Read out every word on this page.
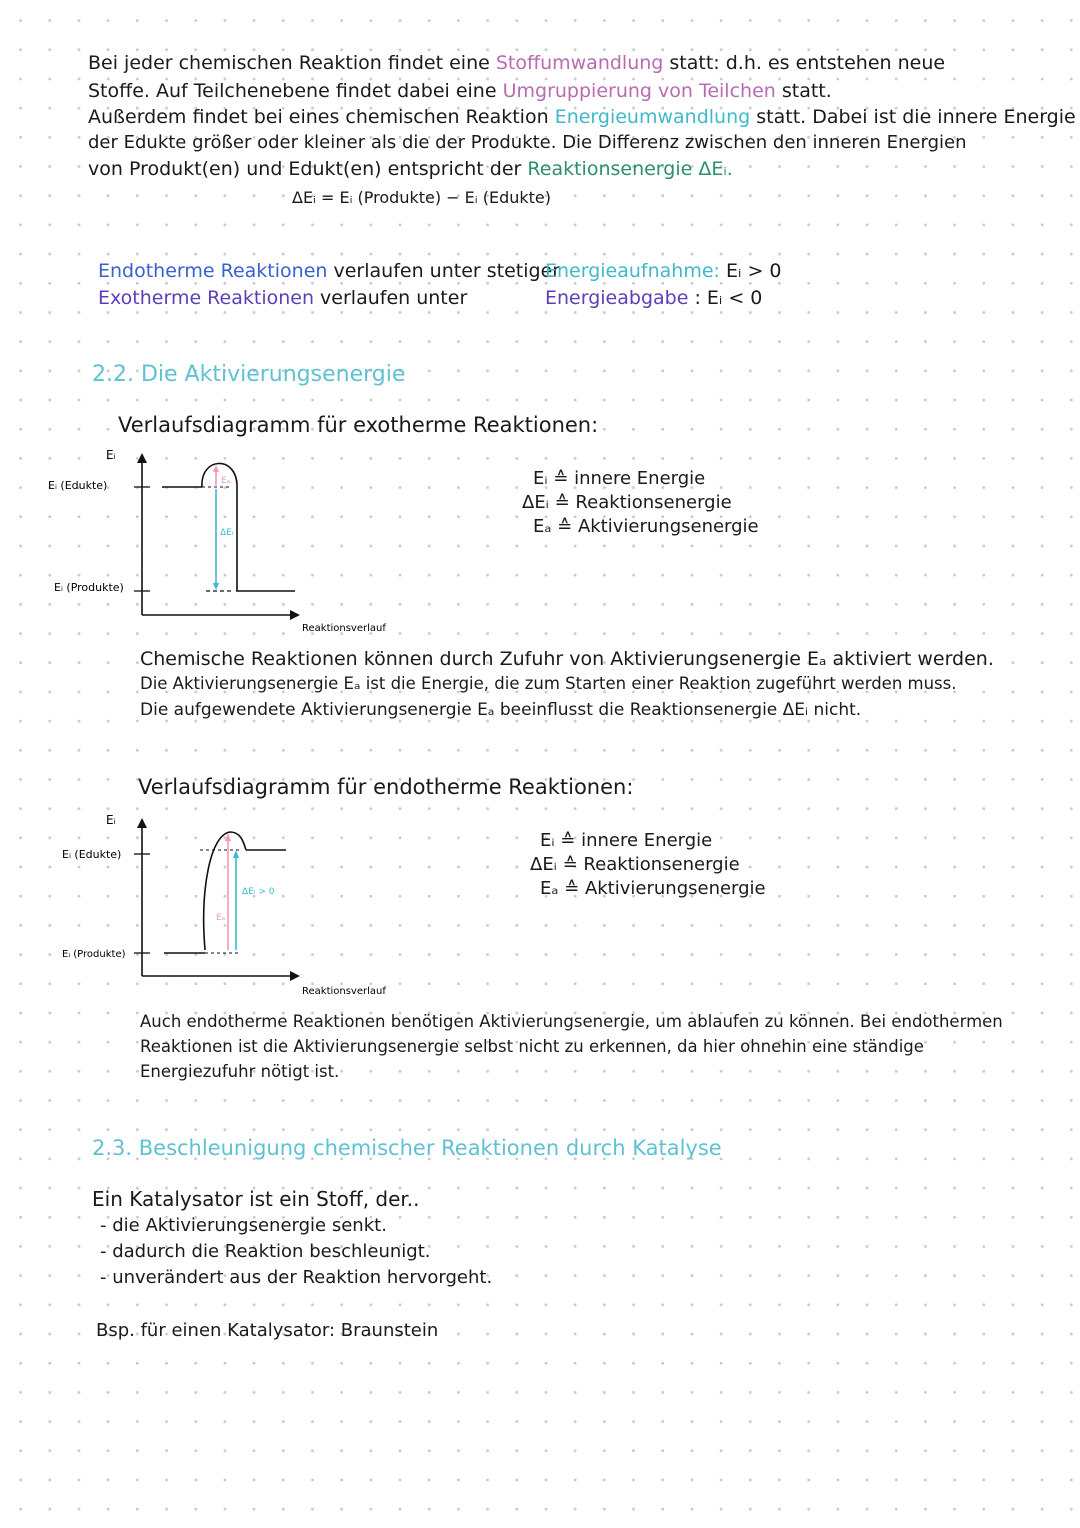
Bei jeder chemischen Reaktion findet eine Stoffumwandlung statt: d.h. es entstehen neue
Stoffe. Auf Teilchenebene findet dabei eine Umgruppierung von Teilchen statt.
Außerdem findet bei eines chemischen Reaktion Energieumwandlung statt. Dabei ist die innere Energie
der Edukte größer oder kleiner als die der Produkte. Die Differenz zwischen den inneren Energien
von Produkt(en) und Edukt(en) entspricht der Reaktionsenergie ΔEᵢ.
ΔEᵢ = Eᵢ (Produkte) − Eᵢ (Edukte)
Endotherme Reaktionen verlaufen unter stetiger
Energieaufnahme: Eᵢ > 0
Exotherme Reaktionen verlaufen unter	Energieabgabe : Eᵢ < 0
2.2. Die Aktivierungsenergie
Verlaufsdiagramm für exotherme Reaktionen:
Eᵢ
Reaktionsverlauf
Eᵢ (Edukte)
Eᵢ (Produkte)
Eₐ
ΔEᵢ
Eᵢ ≙ innere Energie
ΔEᵢ ≙ Reaktionsenergie
Eₐ ≙ Aktivierungsenergie
Chemische Reaktionen können durch Zufuhr von Aktivierungsenergie Eₐ aktiviert werden.
Die Aktivierungsenergie Eₐ ist die Energie, die zum Starten einer Reaktion zugeführt werden muss.
Die aufgewendete Aktivierungsenergie Eₐ beeinflusst die Reaktionsenergie ΔEᵢ nicht.
Verlaufsdiagramm für endotherme Reaktionen:
Eᵢ
Reaktionsverlauf
Eᵢ (Edukte)
Eᵢ (Produkte)
Eₐ
ΔEᵢ > 0
Eᵢ ≙ innere Energie
ΔEᵢ ≙ Reaktionsenergie
Eₐ ≙ Aktivierungsenergie
Auch endotherme Reaktionen benötigen Aktivierungsenergie, um ablaufen zu können. Bei endothermen
Reaktionen ist die Aktivierungsenergie selbst nicht zu erkennen, da hier ohnehin eine ständige
Energiezufuhr nötigt ist.
2.3. Beschleunigung chemischer Reaktionen durch Katalyse
Ein Katalysator ist ein Stoff, der..
- die Aktivierungsenergie senkt.
- dadurch die Reaktion beschleunigt.
- unverändert aus der Reaktion hervorgeht.
Bsp. für einen Katalysator: Braunstein
